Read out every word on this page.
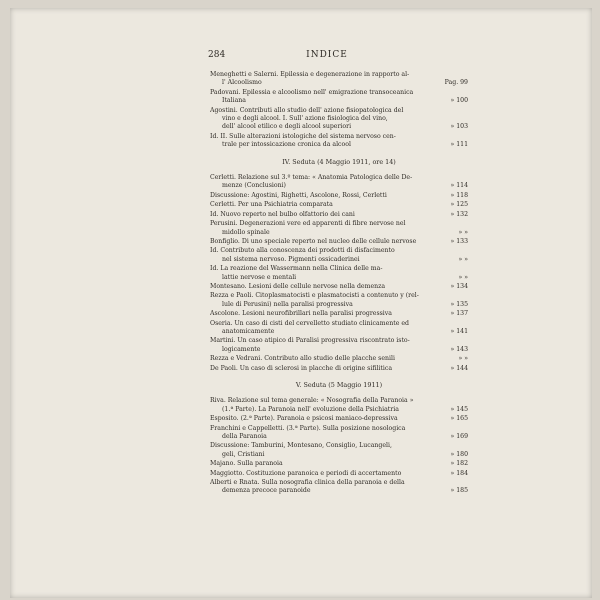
284	INDICE
Meneghetti e Salerni. Epilessia e degenerazione in rapporto al-
l' Alcoolismo	Pag. 99
Padovani. Epilessia e alcoolismo nell' emigrazione transoceanica
Italiana	» 100
Agostini. Contributi allo studio dell' azione fisiopatologica del
vino e degli alcool. I. Sull' azione fisiologica del vino,
dell' alcool etilico e degli alcool superiori	» 103
Id. II. Sulle alterazioni istologiche del sistema nervoso cen-
trale per intossicazione cronica da alcool	» 111
IV. Seduta (4 Maggio 1911, ore 14)
Cerletti. Relazione sul 3.º tema: « Anatomia Patologica delle De-
menze (Conclusioni)	» 114
Discussione: Agostini, Righetti, Ascolone, Rossi, Cerletti	» 118
Cerletti. Per una Psichiatria comparata	» 125
Id. Nuovo reperto nel bulbo olfattorio dei cani	» 132
Perusini. Degenerazioni vere ed apparenti di fibre nervose nel
midollo spinale	» »
Bonfiglio. Di uno speciale reperto nel nucleo delle cellule nervose	» 133
Id. Contributo alla conoscenza dei prodotti di disfacimento
nel sistema nervoso. Pigmenti ossicaderinei	» »
Id. La reazione del Wassermann nella Clinica delle ma-
lattie nervose e mentali	» »
Montesano. Lesioni delle cellule nervose nella demenza	» 134
Rezza e Paoli. Citoplasmatocisti e plasmatocisti a contenuto y (rel-
lule di Perusini) nella paralisi progressiva	» 135
Ascolone. Lesioni neurofibrillari nella paralisi progressiva	» 137
Oseria. Un caso di cisti del cervelletto studiato clinicamente ed
anatomicamente	» 141
Martini. Un caso atipico di Paralisi progressiva riscontrato isto-
logicamente	» 143
Rezza e Vedrani. Contributo allo studio delle placche senili	» »
De Paoli. Un caso di sclerosi in placche di origine sifilitica	» 144
V. Seduta (5 Maggio 1911)
Riva. Relazione sul tema generale: « Nosografia della Paranoia »
(1.ª Parte). La Paranoia nell' evoluzione della Psichiatria	» 145
Esposito. (2.ª Parte). Paranoia e psicosi maniaco-depressiva	» 165
Franchini e Cappelletti. (3.ª Parte). Sulla posizione nosologica
della Paranoia	» 169
Discussione: Tamburini, Montesano, Consiglio, Lucangeli,
geli, Cristiani	» 180
Majano. Sulla paranoia	» 182
Maggiotto. Costituzione paranoica e periodi di accertamento	» 184
Alberti e Rnata. Sulla nosografia clinica della paranoia e della
demenza precoce paranoide	» 185
